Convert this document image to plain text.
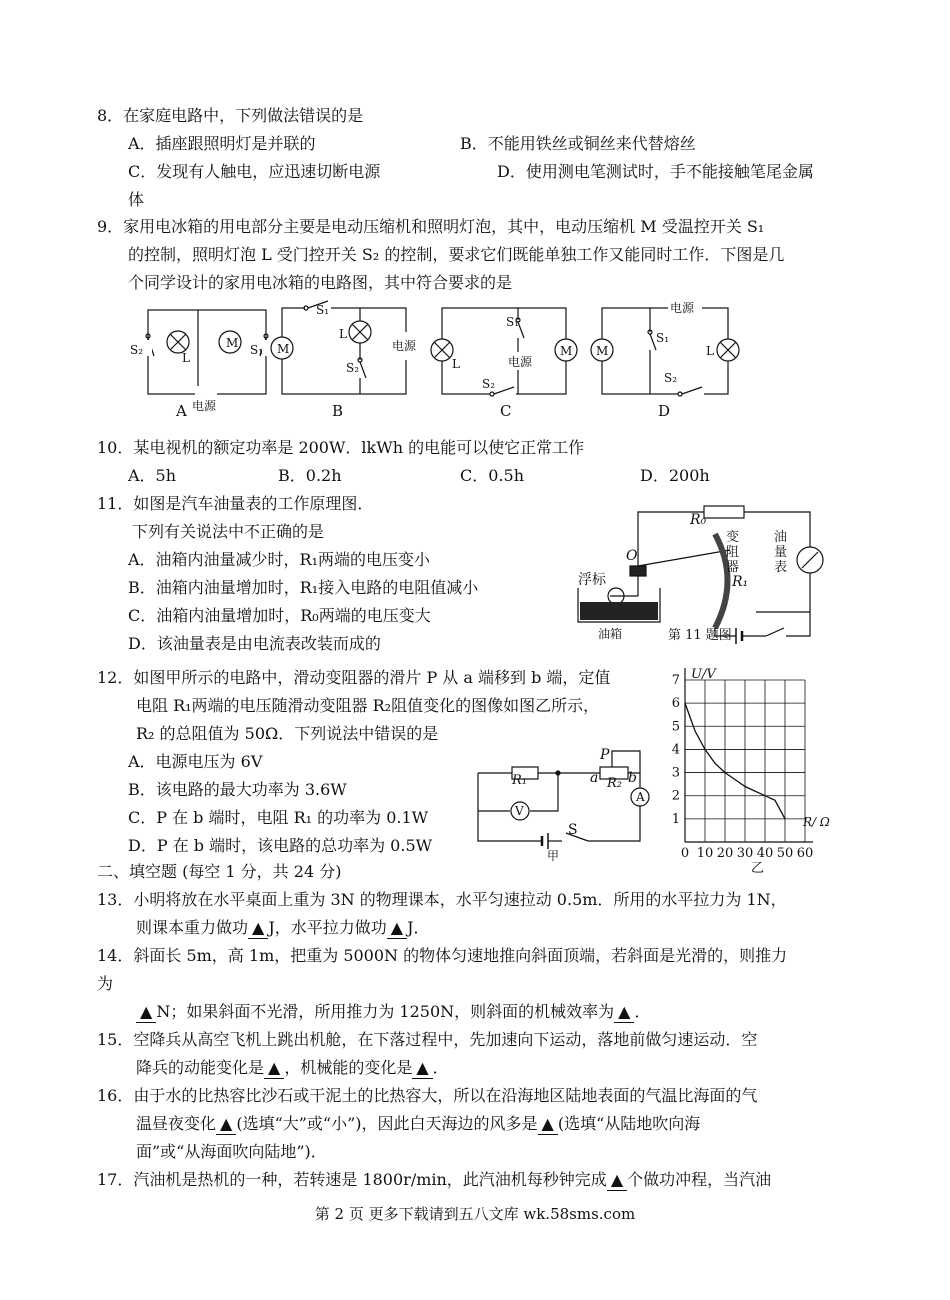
8．在家庭电路中，下列做法错误的是
A．插座跟照明灯是并联的	B．不能用铁丝或铜丝来代替熔丝
C．发现有人触电，应迅速切断电源	D．使用测电笔测试时，手不能接触笔尾金属
体
9．家用电冰箱的用电部分主要是电动压缩机和照明灯泡，其中，电动压缩机 M 受温控开关 S₁
的控制，照明灯泡 L 受门控开关 S₂ 的控制，要求它们既能单独工作又能同时工作．下图是几
个同学设计的家用电冰箱的电路图，其中符合要求的是
M
L
S₂	S₁
电源
A
S₁
M
L
S₂
电源
B
S₁
L
M
电源
S₂
C
电源
M
S₁
L
S₂
D
10．某电视机的额定功率是 200W．lkWh 的电能可以使它正常工作
A．5h	B．0.2h	C．0.5h	D．200h
11．如图是汽车油量表的工作原理图．
下列有关说法中不正确的是
A．油箱内油量减少时，R₁两端的电压变小
B．油箱内油量增加时，R₁接入电路的电阻值减小
C．油箱内油量增加时，R₀两端的电压变大
D．该油量表是由电流表改装而成的
R₀
O
浮标
油箱
变阻器
R₁
油量表
第 11 题图
12．如图甲所示的电路中，滑动变阻器的滑片 P 从 a 端移到 b 端，定值
电阻 R₁两端的电压随滑动变阻器 R₂阻值变化的图像如图乙所示，
R₂ 的总阻值为 50Ω．下列说法中错误的是
A．电源电压为 6V
B．该电路的最大功率为 3.6W
C．P 在 b 端时，电阻 R₁ 的功率为 0.1W
D．P 在 b 端时，该电路的总功率为 0.5W
P
R₁	a R₂ b
V
A
S
甲	0 10 20 30 40 50 60
1
2
3
4
5
6
7 U/V
R/ Ω
乙
二、填空题 (每空 1 分，共 24 分)
13．小明将放在水平桌面上重为 3N 的物理课本，水平匀速拉动 0.5m．所用的水平拉力为 1N，
则课本重力做功 ▲ J，水平拉力做功 ▲ J．
14．斜面长 5m，高 1m，把重为 5000N 的物体匀速地推向斜面顶端，若斜面是光滑的，则推力
为
▲ N；如果斜面不光滑，所用推力为 1250N，则斜面的机械效率为 ▲ ．
15．空降兵从高空飞机上跳出机舱，在下落过程中，先加速向下运动，落地前做匀速运动．空
降兵的动能变化是 ▲ ，机械能的变化是 ▲ ．
16．由于水的比热容比沙石或干泥土的比热容大，所以在沿海地区陆地表面的气温比海面的气
温昼夜变化 ▲ (选填“大”或“小”)，因此白天海边的风多是 ▲ (选填“从陆地吹向海
面”或“从海面吹向陆地”)．
17．汽油机是热机的一种，若转速是 1800r/min，此汽油机每秒钟完成 ▲ 个做功冲程，当汽油
第 2 页 更多下载请到五八文库 wk.58sms.com
